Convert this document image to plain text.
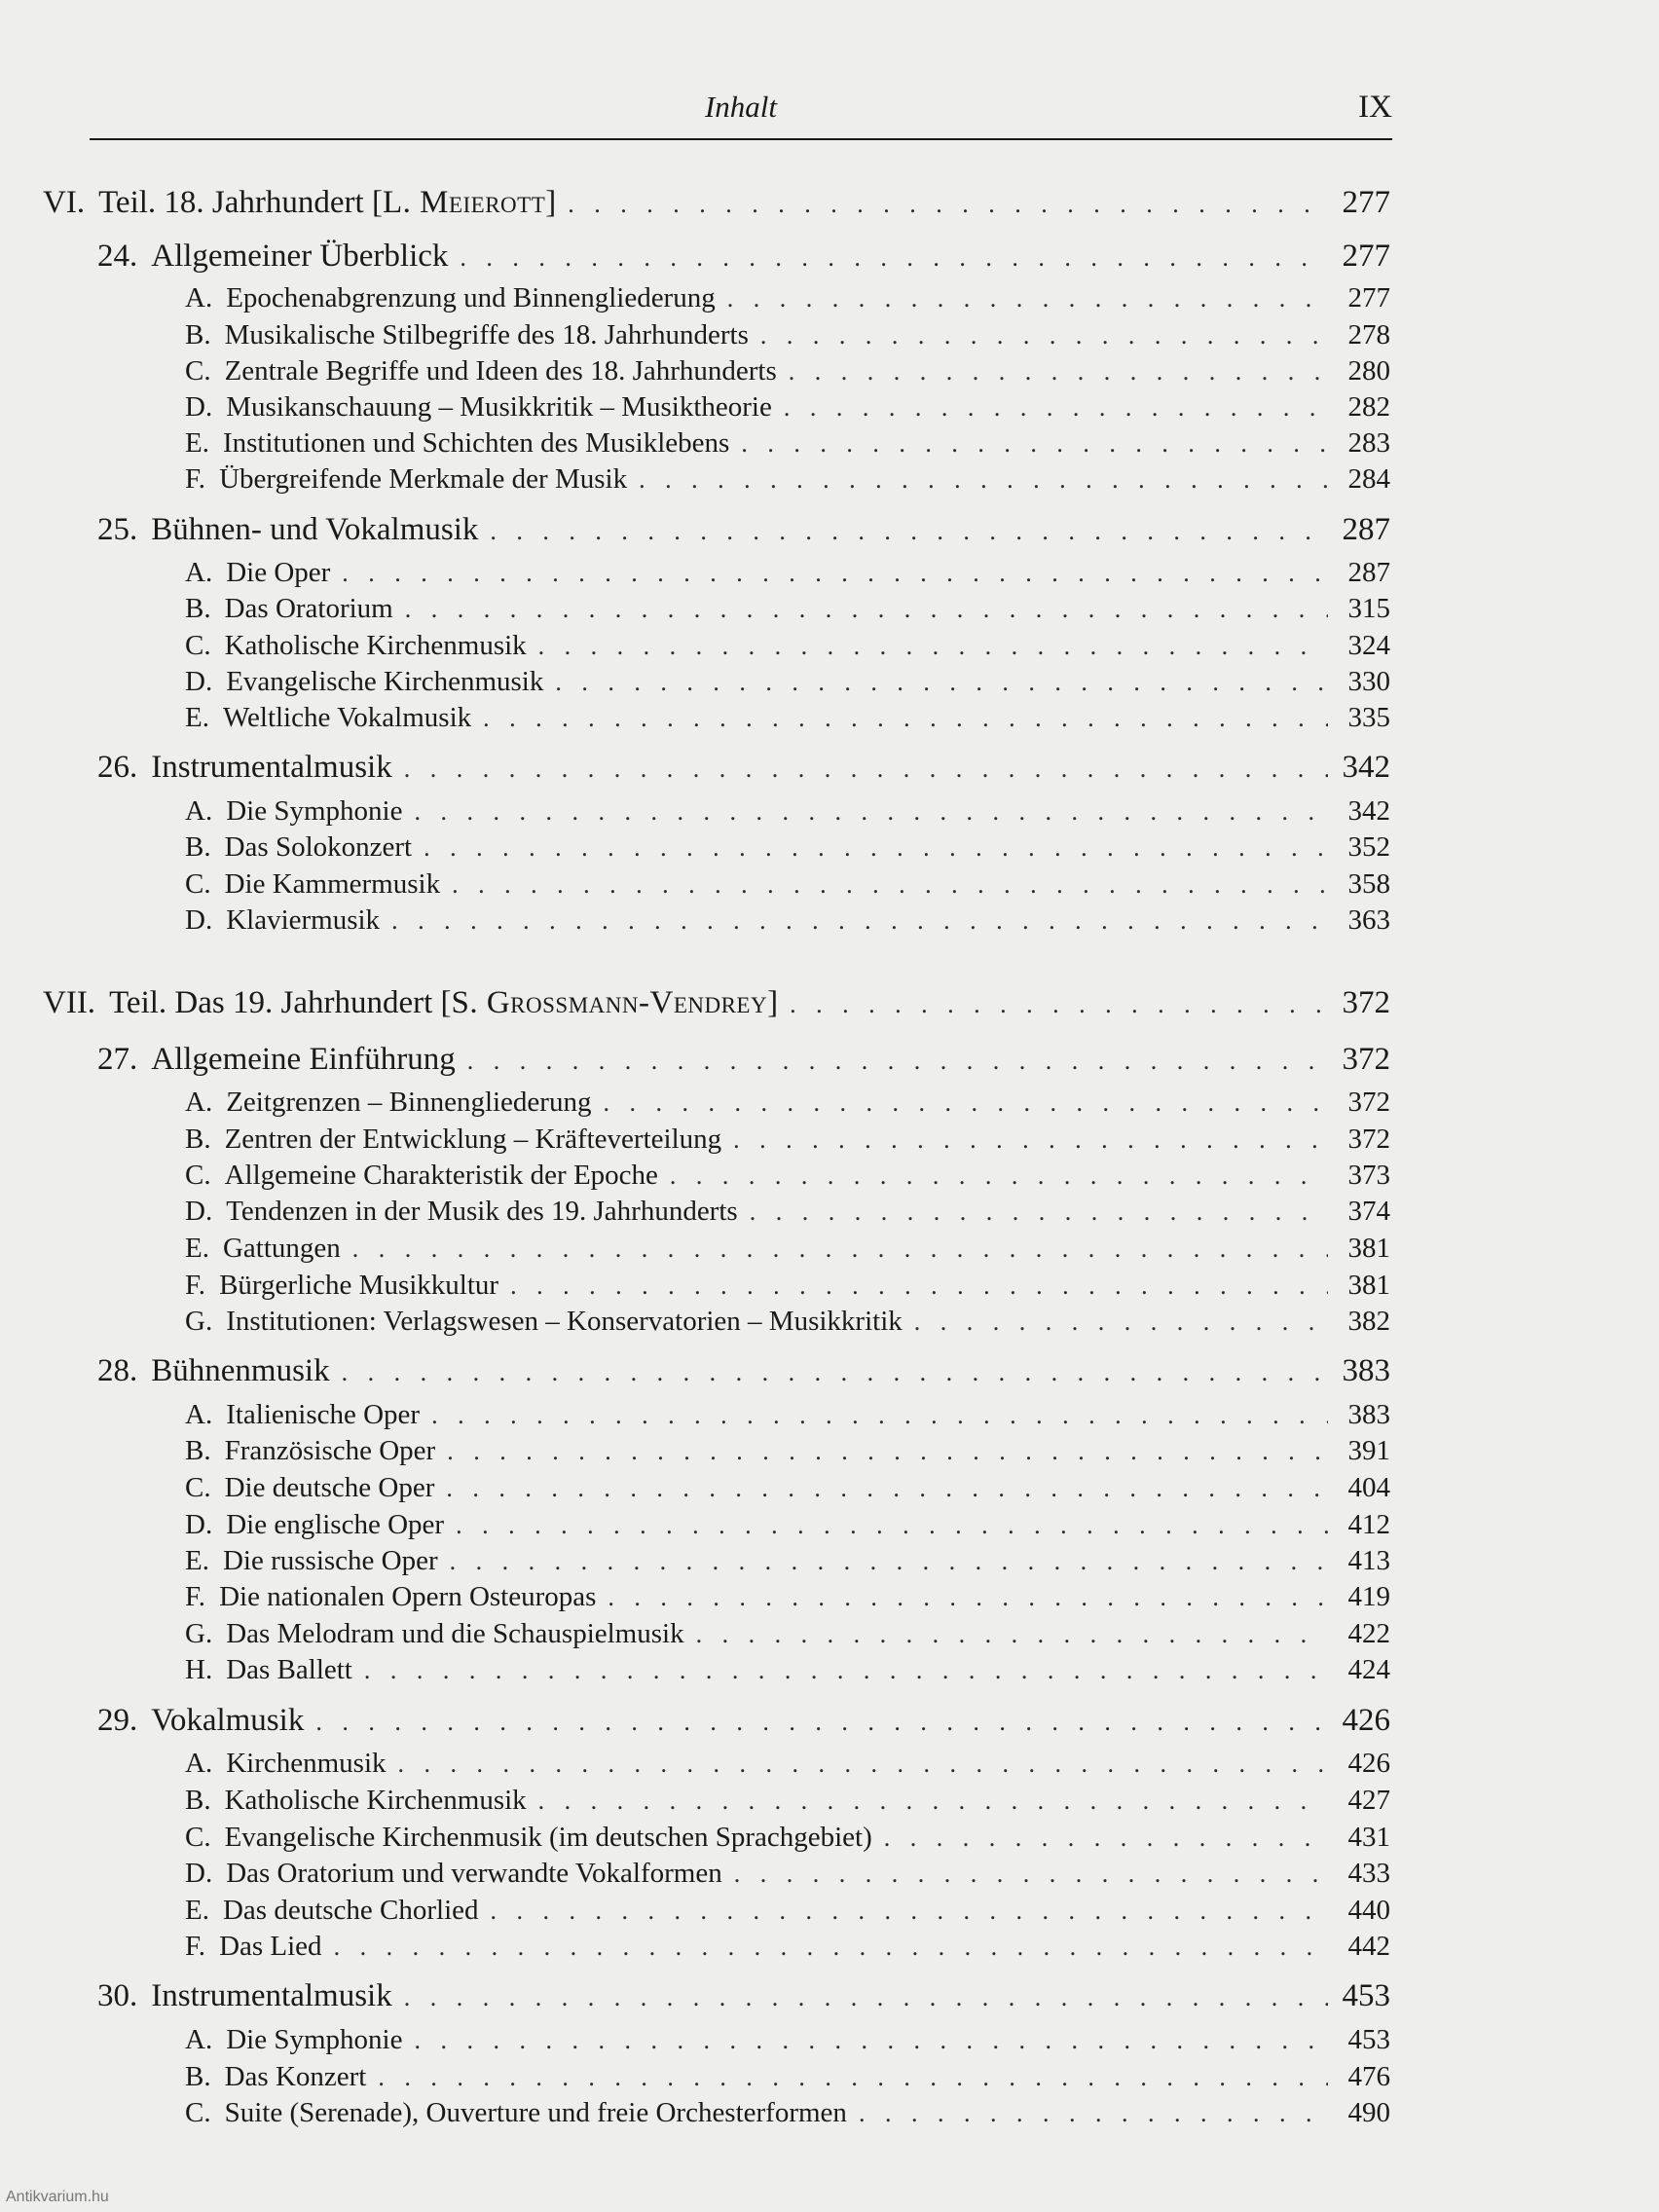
Inhalt	IX
VI. Teil. 18. Jahrhundert [L. Meierott] . . .	277
24. Allgemeiner Überblick . . .	277
A. Epochenabgrenzung und Binnengliederung . . .	277
B. Musikalische Stilbegriffe des 18. Jahrhunderts . . .	278
C. Zentrale Begriffe und Ideen des 18. Jahrhunderts . . .	280
D. Musikanschauung – Musikkritik – Musiktheorie . . .	282
E. Institutionen und Schichten des Musiklebens . . .	283
F. Übergreifende Merkmale der Musik . . .	284
25. Bühnen- und Vokalmusik . . .	287
A. Die Oper . . .	287
B. Das Oratorium . . .	315
C. Katholische Kirchenmusik . . .	324
D. Evangelische Kirchenmusik . . .	330
E. Weltliche Vokalmusik . . .	335
26. Instrumentalmusik . . .	342
A. Die Symphonie . . .	342
B. Das Solokonzert . . .	352
C. Die Kammermusik . . .	358
D. Klaviermusik . . .	363
VII. Teil. Das 19. Jahrhundert [S. Grossmann-Vendrey] . . .	372
27. Allgemeine Einführung . . .	372
A. Zeitgrenzen – Binnengliederung . . .	372
B. Zentren der Entwicklung – Kräfteverteilung . . .	372
C. Allgemeine Charakteristik der Epoche . . .	373
D. Tendenzen in der Musik des 19. Jahrhunderts . . .	374
E. Gattungen . . .	381
F. Bürgerliche Musikkultur . . .	381
G. Institutionen: Verlagswesen – Konservatorien – Musikkritik . . .	382
28. Bühnenmusik . . .	383
A. Italienische Oper . . .	383
B. Französische Oper . . .	391
C. Die deutsche Oper . . .	404
D. Die englische Oper . . .	412
E. Die russische Oper . . .	413
F. Die nationalen Opern Osteuropas . . .	419
G. Das Melodram und die Schauspielmusik . . .	422
H. Das Ballett . . .	424
29. Vokalmusik . . .	426
A. Kirchenmusik . . .	426
B. Katholische Kirchenmusik . . .	427
C. Evangelische Kirchenmusik (im deutschen Sprachgebiet) . . .	431
D. Das Oratorium und verwandte Vokalformen . . .	433
E. Das deutsche Chorlied . . .	440
F. Das Lied . . .	442
30. Instrumentalmusik . . .	453
A. Die Symphonie . . .	453
B. Das Konzert . . .	476
C. Suite (Serenade), Ouverture und freie Orchesterformen . . .	490
Antikvarium.hu
